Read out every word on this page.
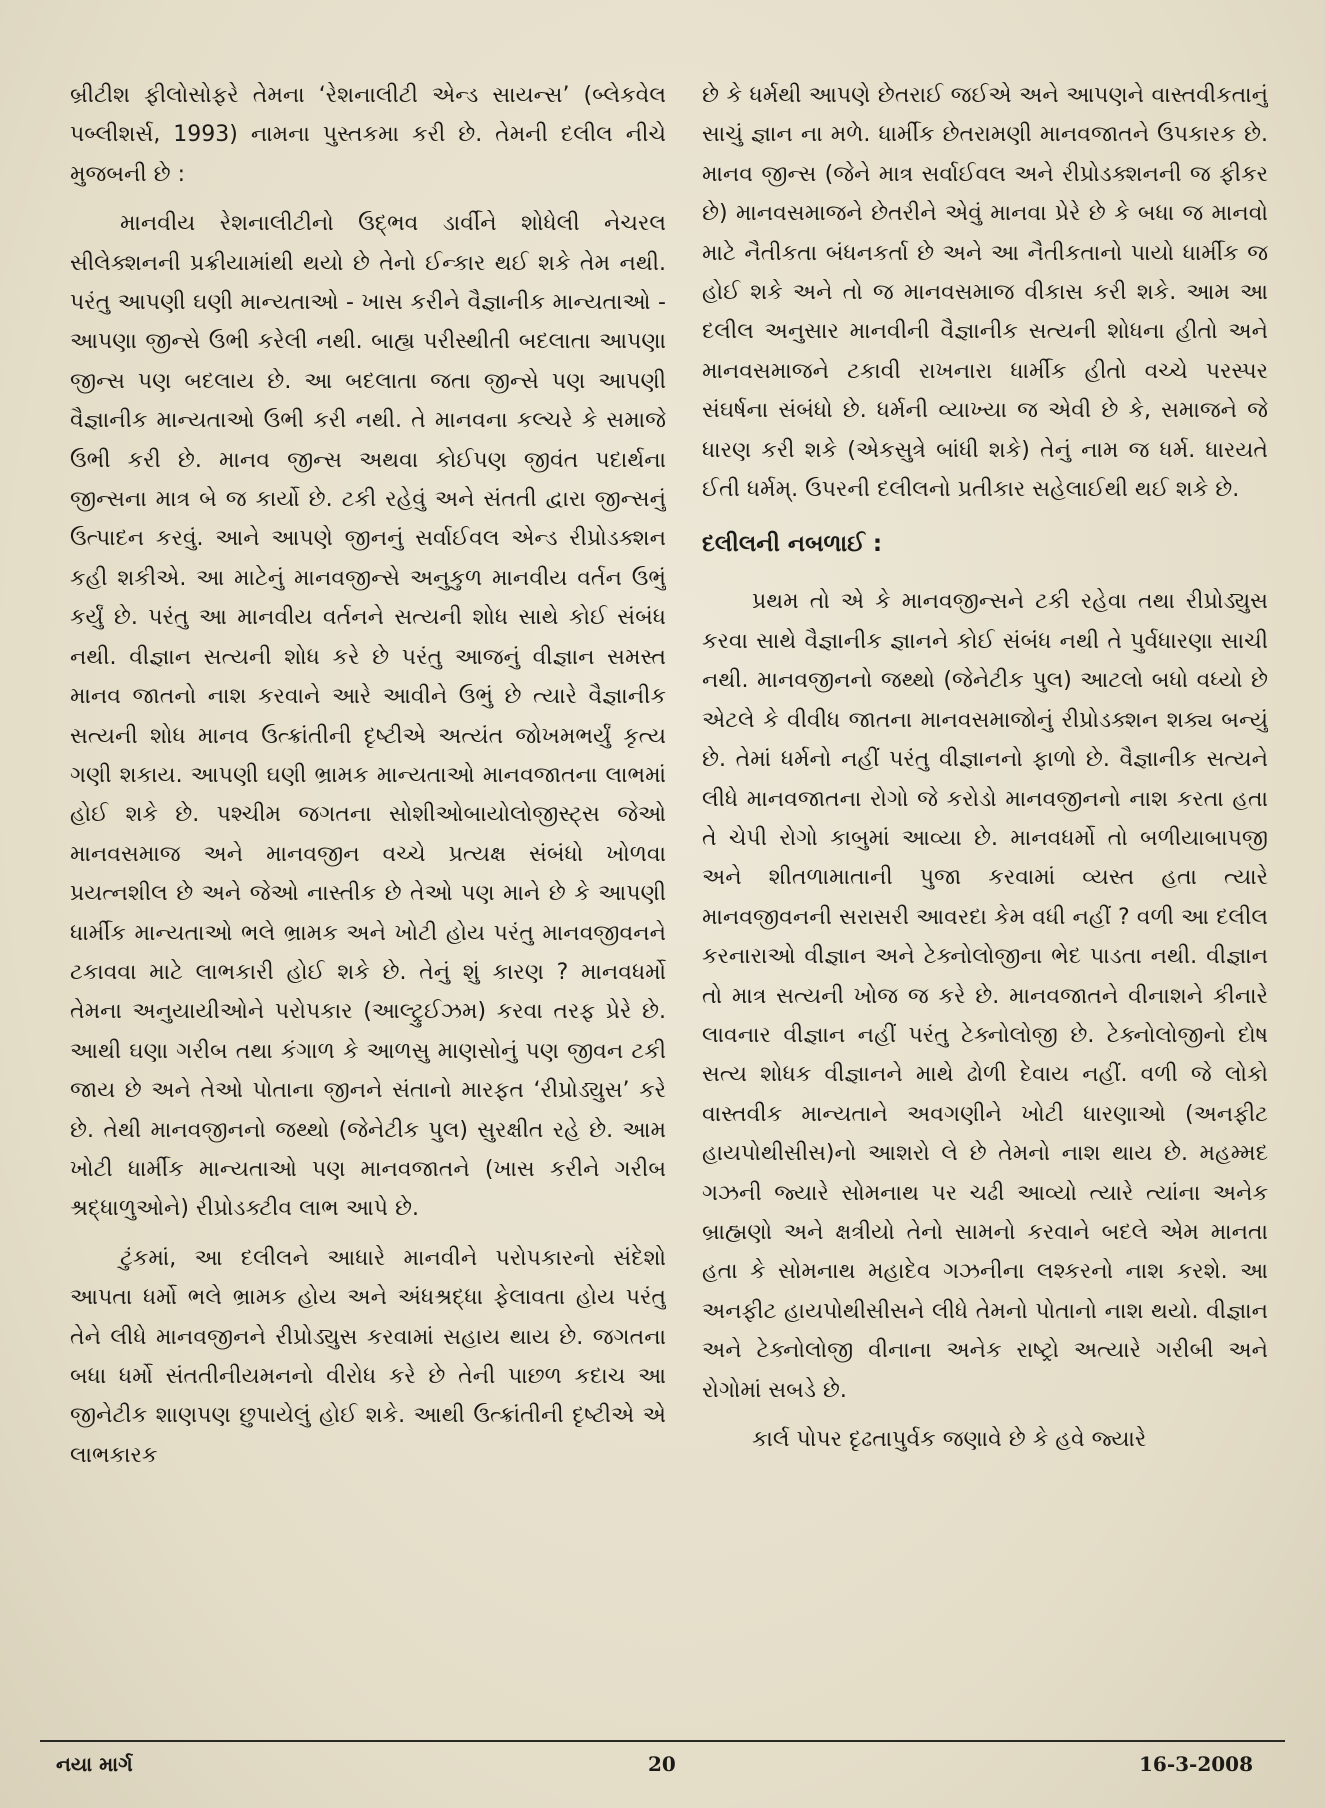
બ્રીટીશ ફીલોસોફરે તેમના ‘રેશનાલીટી એન્ડ સાયન્સ’ (બ્લેકવેલ પબ્લીશર્સ, 1993) નામના પુસ્તકમા કરી છે. તેમની દલીલ નીચે મુજબની છે :

માનવીય રેશનાલીટીનો ઉદ્ભવ ડાર્વીને શોધેલી નેચરલ સીલેક્શનની પ્રક્રીયામાંથી થયો છે તેનો ઈન્કાર થઈ શકે તેમ નથી. પરંતુ આપણી ઘણી માન્યતાઓ - ખાસ કરીને વૈજ્ઞાનીક માન્યતાઓ - આપણા જીન્સે ઉભી કરેલી નથી. બાહ્ય પરીસ્થીતી બદલાતા આપણા જીન્સ પણ બદલાય છે. આ બદલાતા જતા જીન્સે પણ આપણી વૈજ્ઞાનીક માન્યતાઓ ઉભી કરી નથી. તે માનવના કલ્ચરે કે સમાજે ઉભી કરી છે. માનવ જીન્સ અથવા કોઈપણ જીવંત પદાર્થના જીન્સના માત્ર બે જ કાર્યો છે. ટકી રહેવું અને સંતતી દ્વારા જીન્સનું ઉત્પાદન કરવું. આને આપણે જીનનું સર્વાઈવલ એન્ડ રીપ્રોડક્શન કહી શકીએ. આ માટેનું માનવજીન્સે અનુકુળ માનવીય વર્તન ઉભું કર્યું છે. પરંતુ આ માનવીય વર્તનને સત્યની શોધ સાથે કોઈ સંબંધ નથી. વીજ્ઞાન સત્યની શોધ કરે છે પરંતુ આજનું વીજ્ઞાન સમસ્ત માનવ જાતનો નાશ કરવાને આરે આવીને ઉભું છે ત્યારે વૈજ્ઞાનીક સત્યની શોધ માનવ ઉત્ક્રાંતીની દૃષ્ટીએ અત્યંત જોખમભર્યું કૃત્ય ગણી શકાય. આપણી ઘણી ભ્રામક માન્યતાઓ માનવજાતના લાભમાં હોઈ શકે છે. પશ્ચીમ જગતના સોશીઓબાયોલોજીસ્ટ્સ જેઓ માનવસમાજ અને માનવજીન વચ્ચે પ્રત્યક્ષ સંબંધો ખોળવા પ્રયત્નશીલ છે અને જેઓ નાસ્તીક છે તેઓ પણ માને છે કે આપણી ધાર્મીક માન્યતાઓ ભલે ભ્રામક અને ખોટી હોય પરંતુ માનવજીવનને ટકાવવા માટે લાભકારી હોઈ શકે છે. તેનું શું કારણ ? માનવધર્મો તેમના અનુયાયીઓને પરોપકાર (આલ્ટ્રુઈઝમ) કરવા તરફ પ્રેરે છે. આથી ઘણા ગરીબ તથા કંગાળ કે આળસુ માણસોનું પણ જીવન ટકી જાય છે અને તેઓ પોતાના જીનને સંતાનો મારફત ‘રીપ્રોડ્યુસ’ કરે છે. તેથી માનવજીનનો જથ્થો (જેનેટીક પુલ) સુરક્ષીત રહે છે. આમ ખોટી ધાર્મીક માન્યતાઓ પણ માનવજાતને (ખાસ કરીને ગરીબ શ્રદ્ધાળુઓને) રીપ્રોડક્ટીવ લાભ આપે છે.

ટુંકમાં, આ દલીલને આધારે માનવીને પરોપકારનો સંદેશો આપતા ધર્મો ભલે ભ્રામક હોય અને અંધશ્રદ્ધા ફેલાવતા હોય પરંતુ તેને લીધે માનવજીનને રીપ્રોડ્યુસ કરવામાં સહાય થાય છે. જગતના બધા ધર્મો સંતતીનીયમનનો વીરોધ કરે છે તેની પાછળ કદાચ આ જીનેટીક શાણપણ છુપાયેલું હોઈ શકે. આથી ઉત્ક્રાંતીની દૃષ્ટીએ એ લાભકારક

છે કે ધર્મથી આપણે છેતરાઈ જઈએ અને આપણને વાસ્તવીકતાનું સાચું જ્ઞાન ના મળે. ધાર્મીક છેતરામણી માનવજાતને ઉપકારક છે. માનવ જીન્સ (જેને માત્ર સર્વાઈવલ અને રીપ્રોડક્શનની જ ફીકર છે) માનવસમાજને છેતરીને એવું માનવા પ્રેરે છે કે બધા જ માનવો માટે નૈતીકતા બંધનકર્તા છે અને આ નૈતીકતાનો પાયો ધાર્મીક જ હોઈ શકે અને તો જ માનવસમાજ વીકાસ કરી શકે. આમ આ દલીલ અનુસાર માનવીની વૈજ્ઞાનીક સત્યની શોધના હીતો અને માનવસમાજને ટકાવી રાખનારા ધાર્મીક હીતો વચ્ચે પરસ્પર સંઘર્ષના સંબંધો છે. ધર્મની વ્યાખ્યા જ એવી છે કે, સમાજને જે ધારણ કરી શકે (એકસુત્રે બાંધી શકે) તેનું નામ જ ધર્મ. ધારયતે ઈતી ધર્મમ્. ઉપરની દલીલનો પ્રતીકાર સહેલાઈથી થઈ શકે છે.

દલીલની નબળાઈ :

પ્રથમ તો એ કે માનવજીન્સને ટકી રહેવા તથા રીપ્રોડ્યુસ કરવા સાથે વૈજ્ઞાનીક જ્ઞાનને કોઈ સંબંધ નથી તે પુર્વધારણા સાચી નથી. માનવજીનનો જથ્થો (જેનેટીક પુલ) આટલો બધો વધ્યો છે એટલે કે વીવીધ જાતના માનવસમાજોનું રીપ્રોડક્શન શક્ય બન્યું છે. તેમાં ધર્મનો નહીં પરંતુ વીજ્ઞાનનો ફાળો છે. વૈજ્ઞાનીક સત્યને લીધે માનવજાતના રોગો જે કરોડો માનવજીનનો નાશ કરતા હતા તે ચેપી રોગો કાબુમાં આવ્યા છે. માનવધર્મો તો બળીયાબાપજી અને શીતળામાતાની પુજા કરવામાં વ્યસ્ત હતા ત્યારે માનવજીવનની સરાસરી આવરદા કેમ વધી નહીં ? વળી આ દલીલ કરનારાઓ વીજ્ઞાન અને ટેક્નોલોજીના ભેદ પાડતા નથી. વીજ્ઞાન તો માત્ર સત્યની ખોજ જ કરે છે. માનવજાતને વીનાશને કીનારે લાવનાર વીજ્ઞાન નહીં પરંતુ ટેક્નોલોજી છે. ટેક્નોલોજીનો દોષ સત્ય શોધક વીજ્ઞાનને માથે ઢોળી દેવાય નહીં. વળી જે લોકો વાસ્તવીક માન્યતાને અવગણીને ખોટી ધારણાઓ (અનફીટ હાયપોથીસીસ)નો આશરો લે છે તેમનો નાશ થાય છે. મહમ્મદ ગઝની જ્યારે સોમનાથ પર ચઢી આવ્યો ત્યારે ત્યાંના અનેક બ્રાહ્મણો અને ક્ષત્રીયો તેનો સામનો કરવાને બદલે એમ માનતા હતા કે સોમનાથ મહાદેવ ગઝનીના લશ્કરનો નાશ કરશે. આ અનફીટ હાયપોથીસીસને લીધે તેમનો પોતાનો નાશ થયો. વીજ્ઞાન અને ટેક્નોલોજી વીનાના અનેક રાષ્ટ્રો અત્યારે ગરીબી અને રોગોમાં સબડે છે.

કાર્લ પોપર દૃઢતાપુર્વક જણાવે છે કે હવે જ્યારે

નયા માર્ગ	20	16-3-2008
